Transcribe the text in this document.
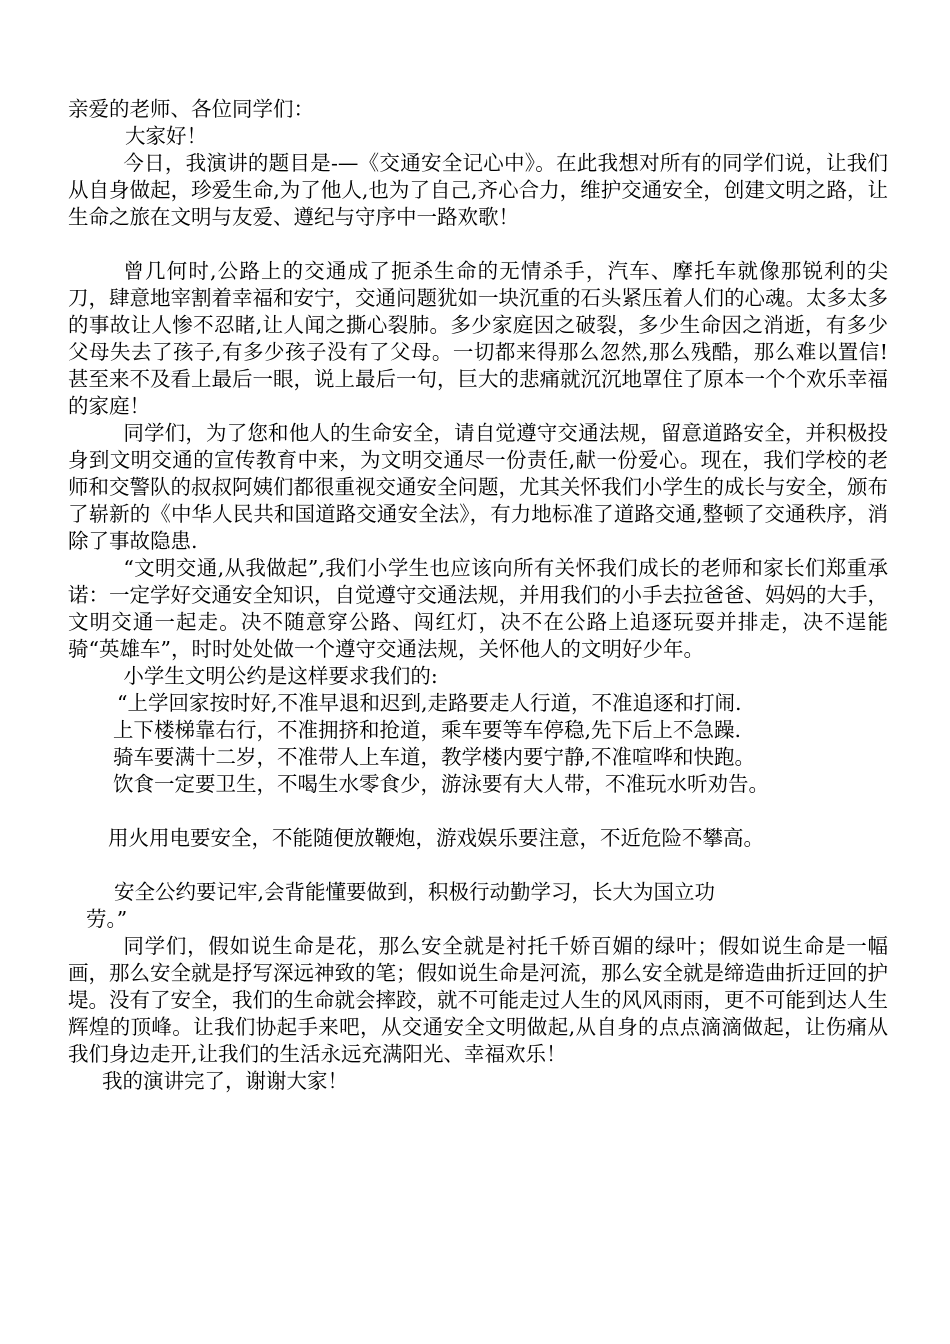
亲爱的老师、各位同学们：

大家好！

今日，我演讲的题目是-—《交通安全记心中》。在此我想对所有的同学们说，让我们从自身做起，珍爱生命,为了他人,也为了自己,齐心合力，维护交通安全，创建文明之路，让生命之旅在文明与友爱、遵纪与守序中一路欢歌！

曾几何时,公路上的交通成了扼杀生命的无情杀手，汽车、摩托车就像那锐利的尖刀，肆意地宰割着幸福和安宁，交通问题犹如一块沉重的石头紧压着人们的心魂。太多太多的事故让人惨不忍睹,让人闻之撕心裂肺。多少家庭因之破裂，多少生命因之消逝，有多少父母失去了孩子,有多少孩子没有了父母。一切都来得那么忽然,那么残酷，那么难以置信!甚至来不及看上最后一眼，说上最后一句，巨大的悲痛就沉沉地罩住了原本一个个欢乐幸福的家庭！

同学们，为了您和他人的生命安全，请自觉遵守交通法规，留意道路安全，并积极投身到文明交通的宣传教育中来，为文明交通尽一份责任,献一份爱心。现在，我们学校的老师和交警队的叔叔阿姨们都很重视交通安全问题，尤其关怀我们小学生的成长与安全，颁布了崭新的《中华人民共和国道路交通安全法》，有力地标准了道路交通,整顿了交通秩序，消除了事故隐患.

“文明交通,从我做起”,我们小学生也应该向所有关怀我们成长的老师和家长们郑重承诺：一定学好交通安全知识，自觉遵守交通法规，并用我们的小手去拉爸爸、妈妈的大手，文明交通一起走。决不随意穿公路、闯红灯，决不在公路上追逐玩耍并排走，决不逞能骑“英雄车”，时时处处做一个遵守交通法规，关怀他人的文明好少年。

小学生文明公约是这样要求我们的:

“上学回家按时好,不准早退和迟到,走路要走人行道，不准追逐和打闹.
上下楼梯靠右行，不准拥挤和抢道，乘车要等车停稳,先下后上不急躁.
骑车要满十二岁，不准带人上车道，教学楼内要宁静,不准喧哗和快跑。
饮食一定要卫生，不喝生水零食少，游泳要有大人带，不准玩水听劝告。
用火用电要安全，不能随便放鞭炮，游戏娱乐要注意，不近危险不攀高。
安全公约要记牢,会背能懂要做到，积极行动勤学习，长大为国立功
劳。”

同学们，假如说生命是花，那么安全就是衬托千娇百媚的绿叶；假如说生命是一幅画，那么安全就是抒写深远神致的笔；假如说生命是河流，那么安全就是缔造曲折迂回的护堤。没有了安全，我们的生命就会摔跤，就不可能走过人生的风风雨雨，更不可能到达人生辉煌的顶峰。让我们协起手来吧，从交通安全文明做起,从自身的点点滴滴做起，让伤痛从我们身边走开,让我们的生活永远充满阳光、幸福欢乐！

我的演讲完了，谢谢大家！
